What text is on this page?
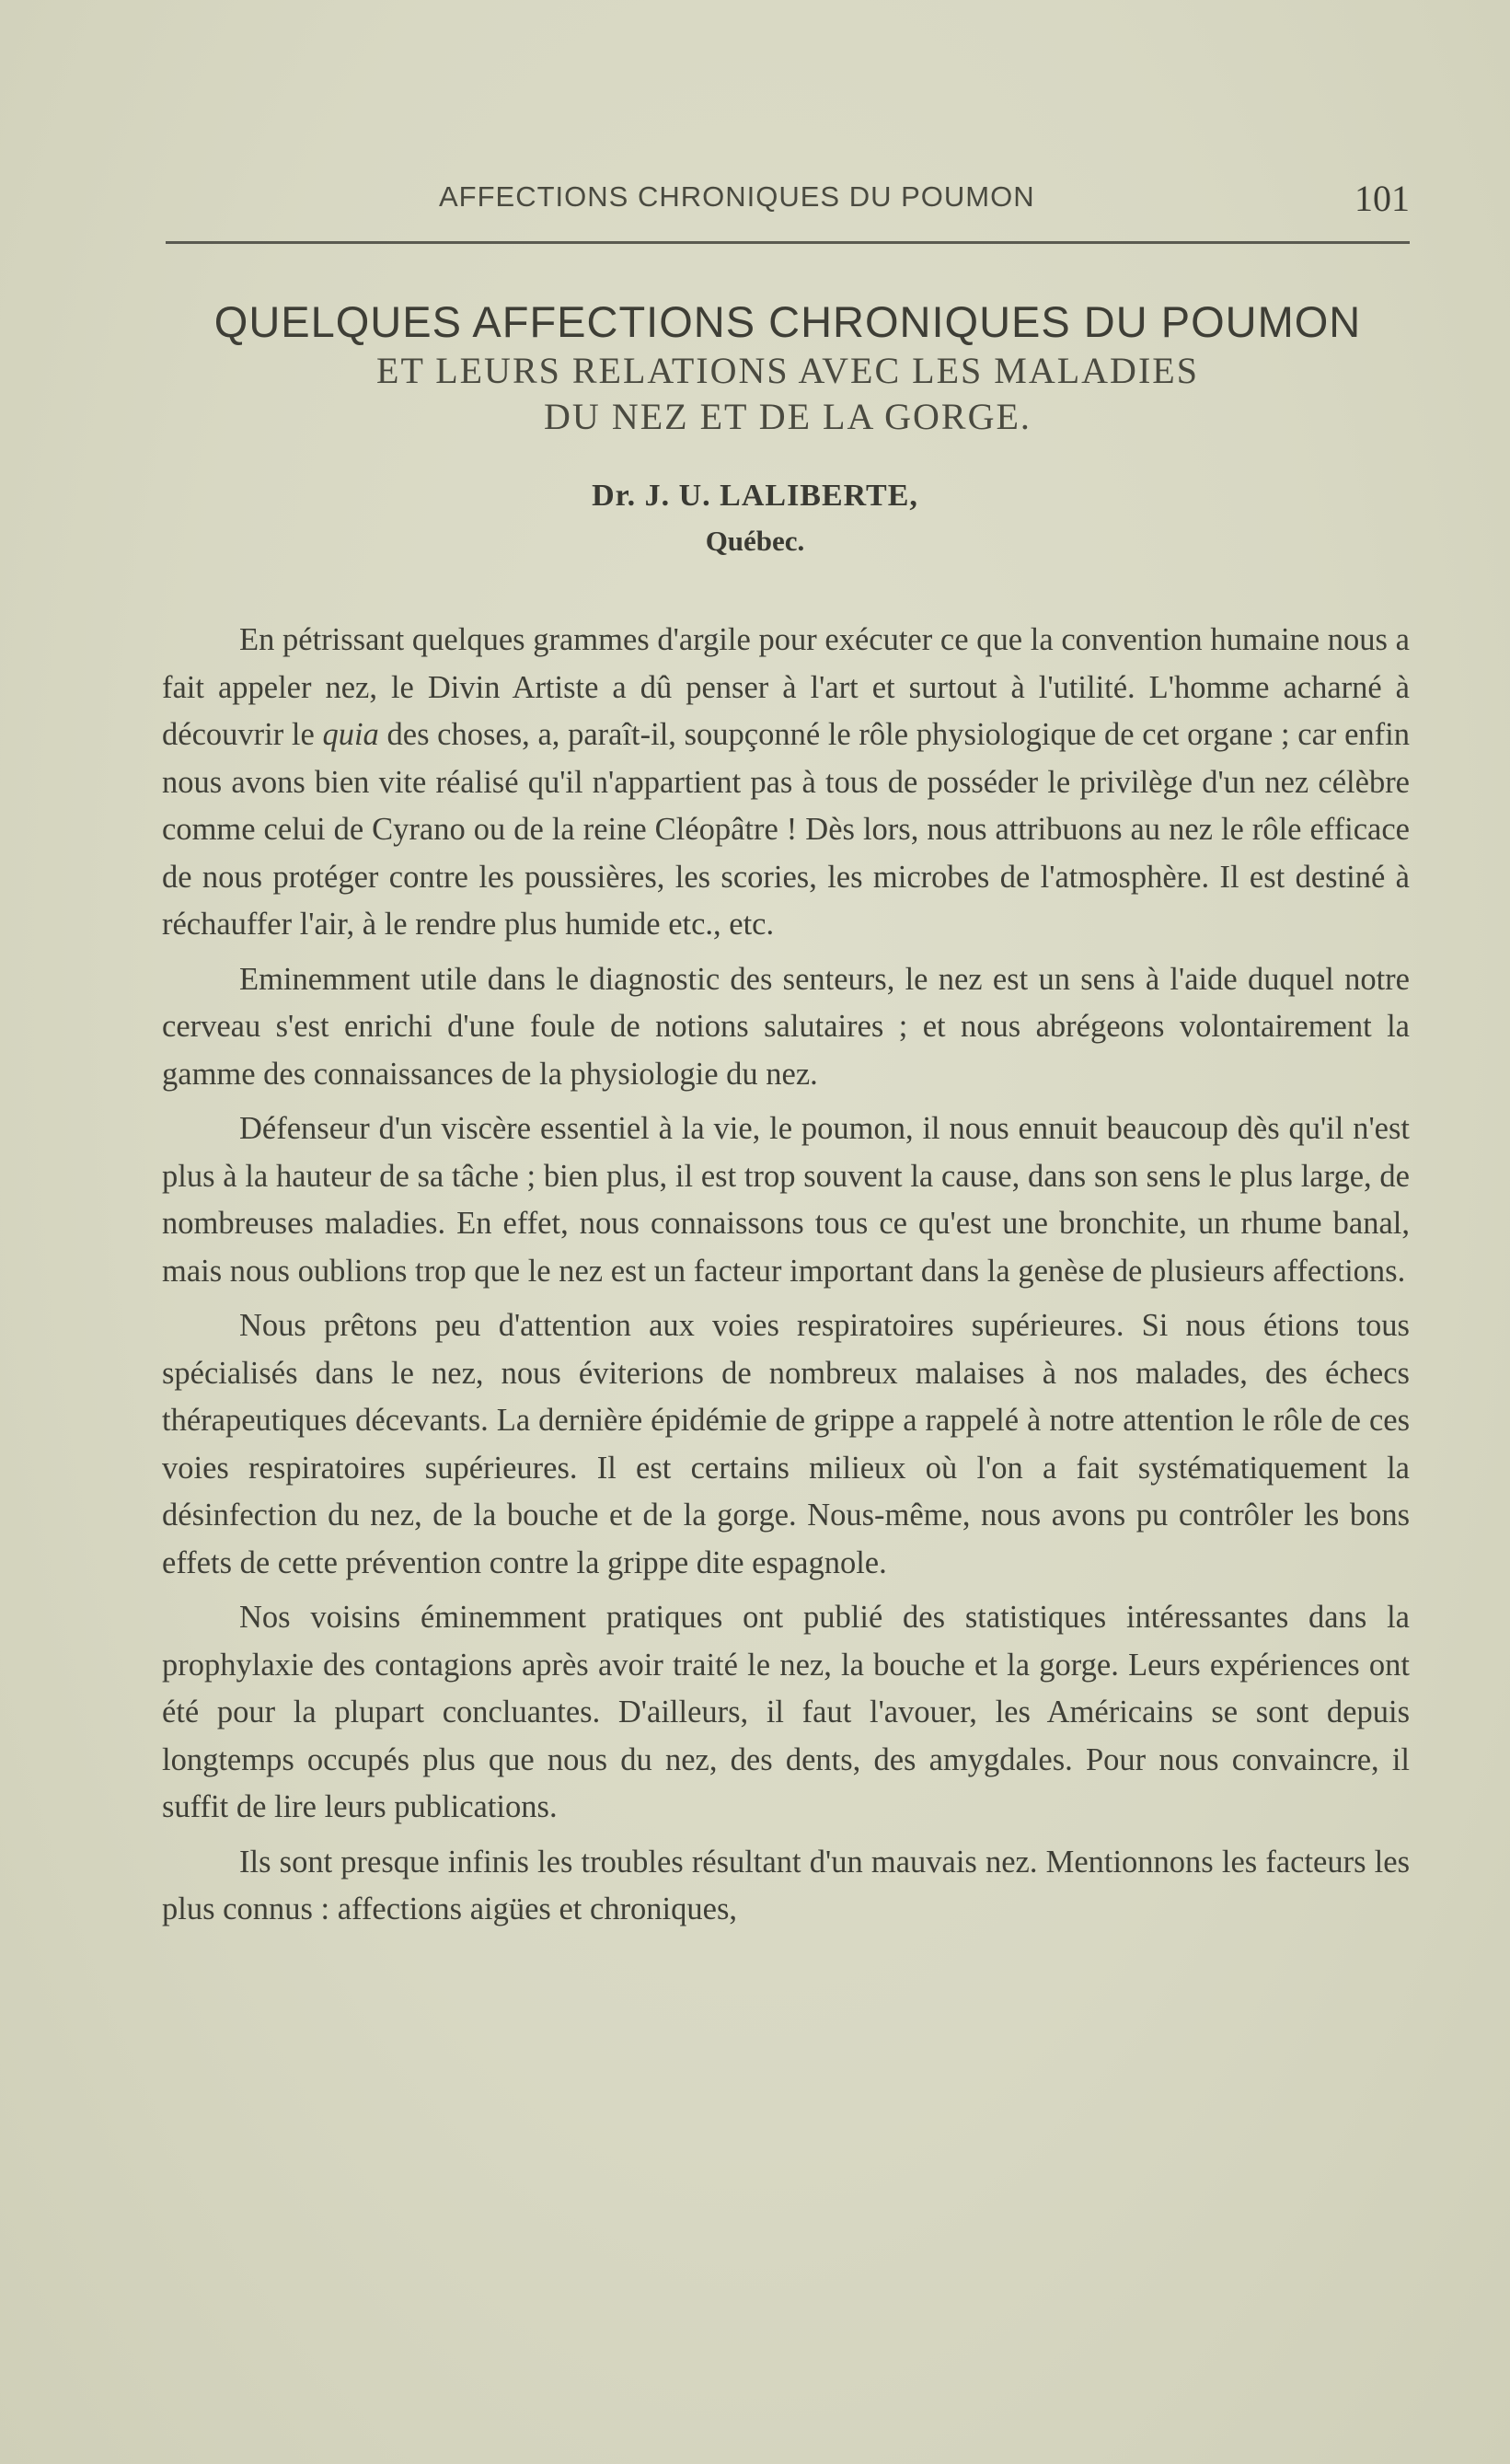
AFFECTIONS CHRONIQUES DU POUMON	101
QUELQUES AFFECTIONS CHRONIQUES DU POUMON
ET LEURS RELATIONS AVEC LES MALADIES
DU NEZ ET DE LA GORGE.
Dr. J. U. LALIBERTE,
Québec.

En pétrissant quelques grammes d'argile pour exécuter ce que la convention humaine nous a fait appeler nez, le Divin Artiste a dû penser à l'art et surtout à l'utilité. L'homme acharné à découvrir le quia des choses, a, paraît-il, soupçonné le rôle physiologique de cet organe ; car enfin nous avons bien vite réalisé qu'il n'appartient pas à tous de posséder le privilège d'un nez célèbre comme celui de Cyrano ou de la reine Cléopâtre ! Dès lors, nous attribuons au nez le rôle efficace de nous protéger contre les poussières, les scories, les microbes de l'atmosphère. Il est destiné à réchauffer l'air, à le rendre plus humide etc., etc.

Eminemment utile dans le diagnostic des senteurs, le nez est un sens à l'aide duquel notre cerveau s'est enrichi d'une foule de notions salutaires ; et nous abrégeons volontairement la gamme des connaissances de la physiologie du nez.

Défenseur d'un viscère essentiel à la vie, le poumon, il nous ennuit beaucoup dès qu'il n'est plus à la hauteur de sa tâche ; bien plus, il est trop souvent la cause, dans son sens le plus large, de nombreuses maladies. En effet, nous connaissons tous ce qu'est une bronchite, un rhume banal, mais nous oublions trop que le nez est un facteur important dans la genèse de plusieurs affections.

Nous prêtons peu d'attention aux voies respiratoires supérieures. Si nous étions tous spécialisés dans le nez, nous éviterions de nombreux malaises à nos malades, des échecs thérapeutiques décevants. La dernière épidémie de grippe a rappelé à notre attention le rôle de ces voies respiratoires supérieures. Il est certains milieux où l'on a fait systématiquement la désinfection du nez, de la bouche et de la gorge. Nous-même, nous avons pu contrôler les bons effets de cette prévention contre la grippe dite espagnole.

Nos voisins éminemment pratiques ont publié des statistiques intéressantes dans la prophylaxie des contagions après avoir traité le nez, la bouche et la gorge. Leurs expériences ont été pour la plupart concluantes. D'ailleurs, il faut l'avouer, les Américains se sont depuis longtemps occupés plus que nous du nez, des dents, des amygdales. Pour nous convaincre, il suffit de lire leurs publications.

Ils sont presque infinis les troubles résultant d'un mauvais nez. Mentionnons les facteurs les plus connus : affections aigües et chroniques,
